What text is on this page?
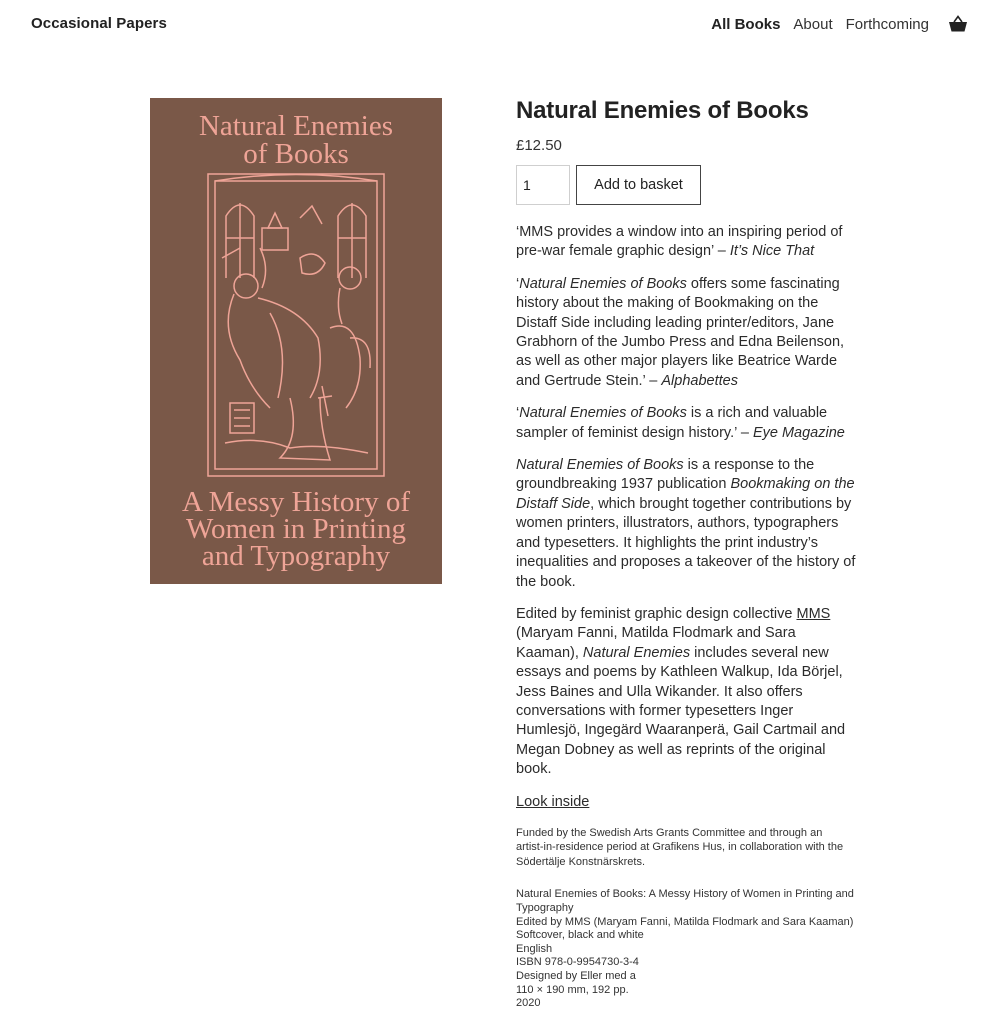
Occasional Papers	All Books About Forthcoming
Natural Enemies
of Books
A Messy History of
Women in Printing
and Typography
Natural Enemies of Books
£12.50
1
Add to basket

‘MMS provides a window into an inspiring period of pre-war female graphic design’ – It’s Nice That

‘Natural Enemies of Books offers some fascinating history about the making of Bookmaking on the Distaff Side including leading printer/editors, Jane Grabhorn of the Jumbo Press and Edna Beilenson, as well as other major players like Beatrice Warde and Gertrude Stein.’ – Alphabettes

‘Natural Enemies of Books is a rich and valuable sampler of feminist design history.’ – Eye Magazine

Natural Enemies of Books is a response to the groundbreaking 1937 publication Bookmaking on the Distaff Side, which brought together contributions by women printers, illustrators, authors, typographers and typesetters. It highlights the print industry’s inequalities and proposes a takeover of the history of the book.

Edited by feminist graphic design collective MMS (Maryam Fanni, Matilda Flodmark and Sara Kaaman), Natural Enemies includes several new essays and poems by Kathleen Walkup, Ida Börjel, Jess Baines and Ulla Wikander. It also offers conversations with former typesetters Inger Humlesjö, Ingegärd Waaranperä, Gail Cartmail and Megan Dobney as well as reprints of the original book.

Look inside
Funded by the Swedish Arts Grants Committee and through an artist-in-residence period at Grafikens Hus, in collaboration with the Södertälje Konstnärskrets.
Natural Enemies of Books: A Messy History of Women in Printing and Typography
Edited by MMS (Maryam Fanni, Matilda Flodmark and Sara Kaaman)
Softcover, black and white
English
ISBN 978-0-9954730-3-4
Designed by Eller med a
110 × 190 mm, 192 pp.
2020
